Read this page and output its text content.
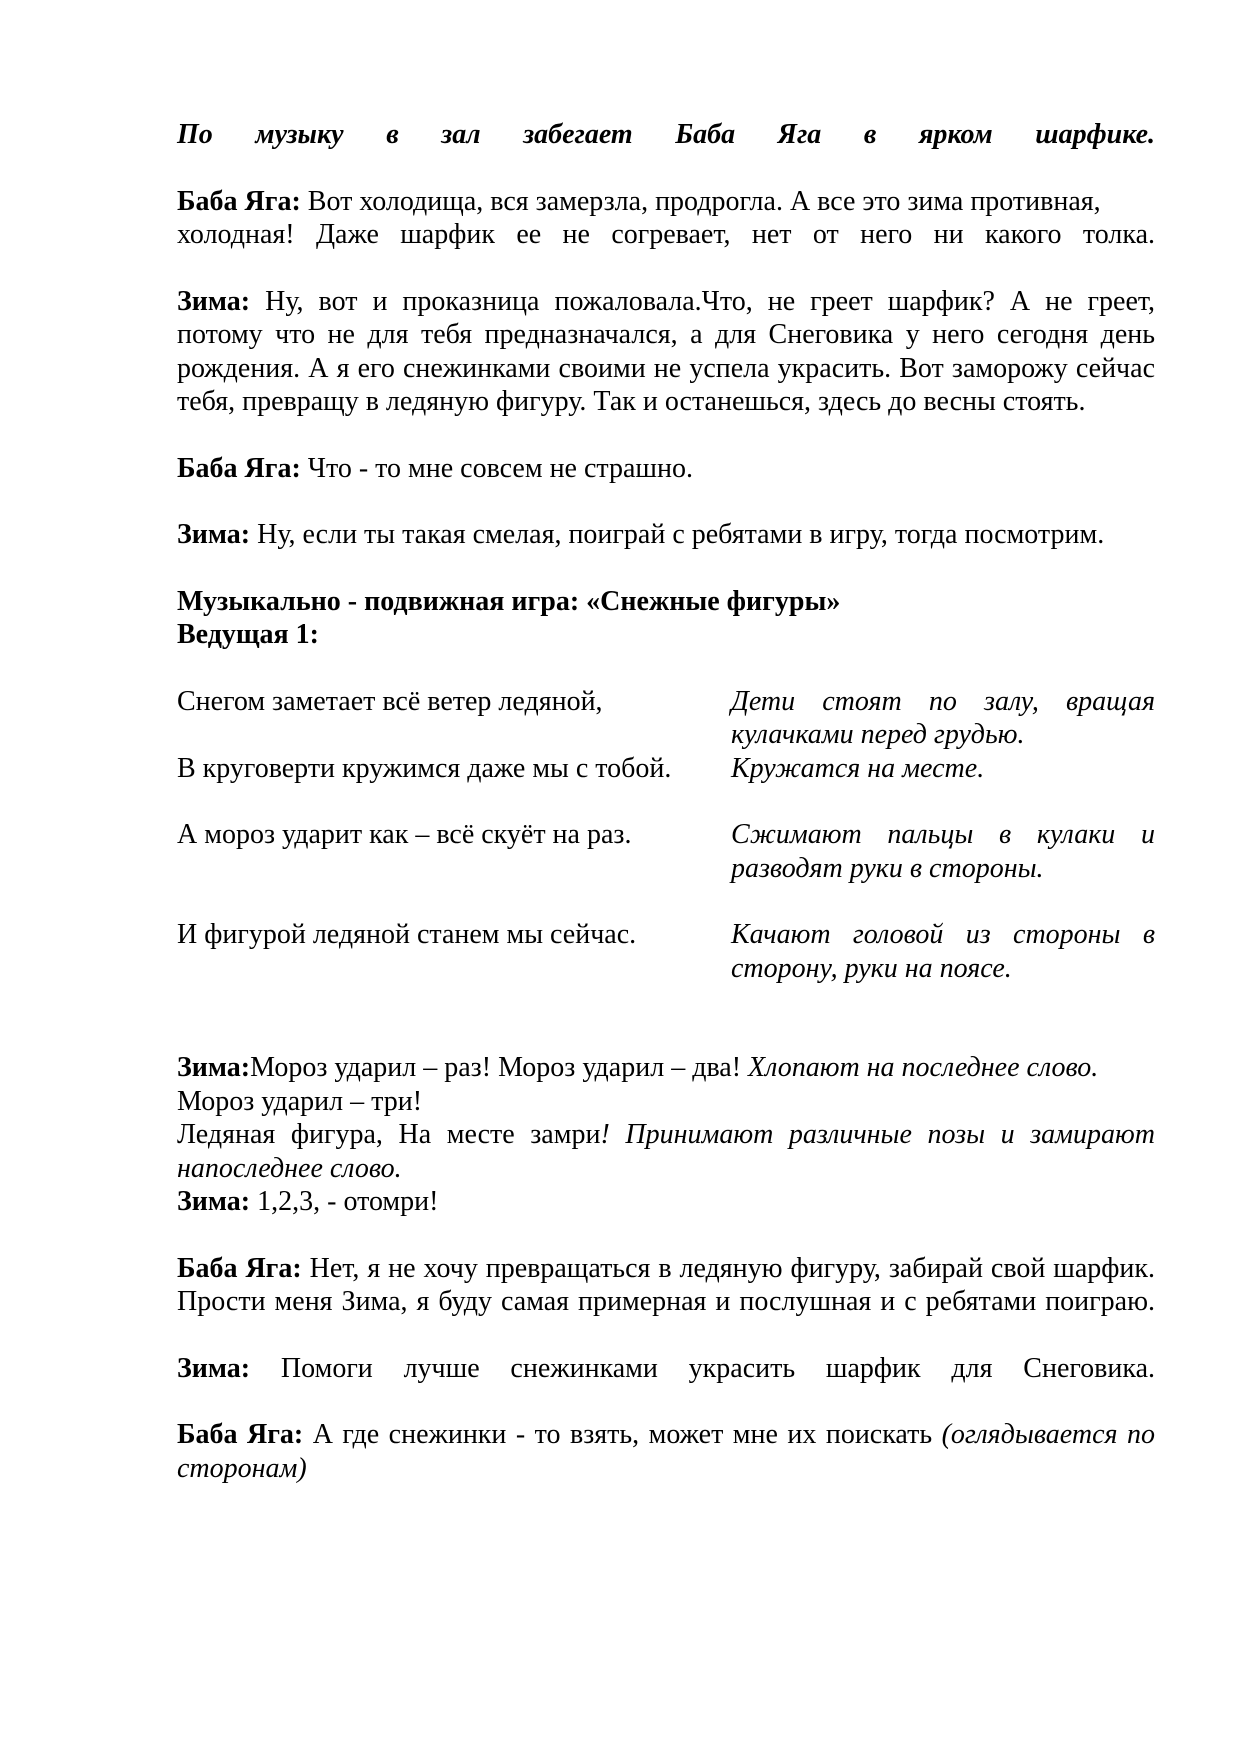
По музыку в зал забегает Баба Яга в ярком шарфике.

Баба Яга: Вот холодища, вся замерзла, продрогла. А все это зима противная,

холодная! Даже шарфик ее не согревает, нет от него ни какого толка.

Зима: Ну, вот и проказница пожаловала.Что, не греет шарфик? А не греет, потому что не для тебя предназначался, а для Снеговика у него сегодня день рождения. А я его снежинками своими не успела украсить. Вот заморожу сейчас тебя, превращу в ледяную фигуру. Так и останешься, здесь до весны стоять.

Баба Яга: Что - то мне совсем не страшно.

Зима: Ну, если ты такая смелая, поиграй с ребятами в игру, тогда посмотрим.

Музыкально - подвижная игра: «Снежные фигуры»

Ведущая 1:

Снегом заметает всё ветер ледяной,	Дети стоят по залу, вращая кулачками перед грудью.
В круговерти кружимся даже мы с тобой.	Кружатся на месте.
А мороз ударит как – всё скуёт на раз.	Сжимают пальцы в кулаки и разводят руки в стороны.
И фигурой ледяной станем мы сейчас.	Качают головой из стороны в сторону, руки на поясе.

Зима:Мороз ударил – раз! Мороз ударил – два! Хлопают на последнее слово.
Мороз ударил – три!
Ледяная фигура, На месте замри! Принимают различные позы и замирают напоследнее слово.

Зима: 1,2,3, - отомри!

Баба Яга: Нет, я не хочу превращаться в ледяную фигуру, забирай свой шарфик. Прости меня Зима, я буду самая примерная и послушная и с ребятами поиграю.

Зима: Помоги лучше снежинками украсить шарфик для Снеговика.

Баба Яга: А где снежинки - то взять, может мне их поискать (оглядывается по сторонам)
